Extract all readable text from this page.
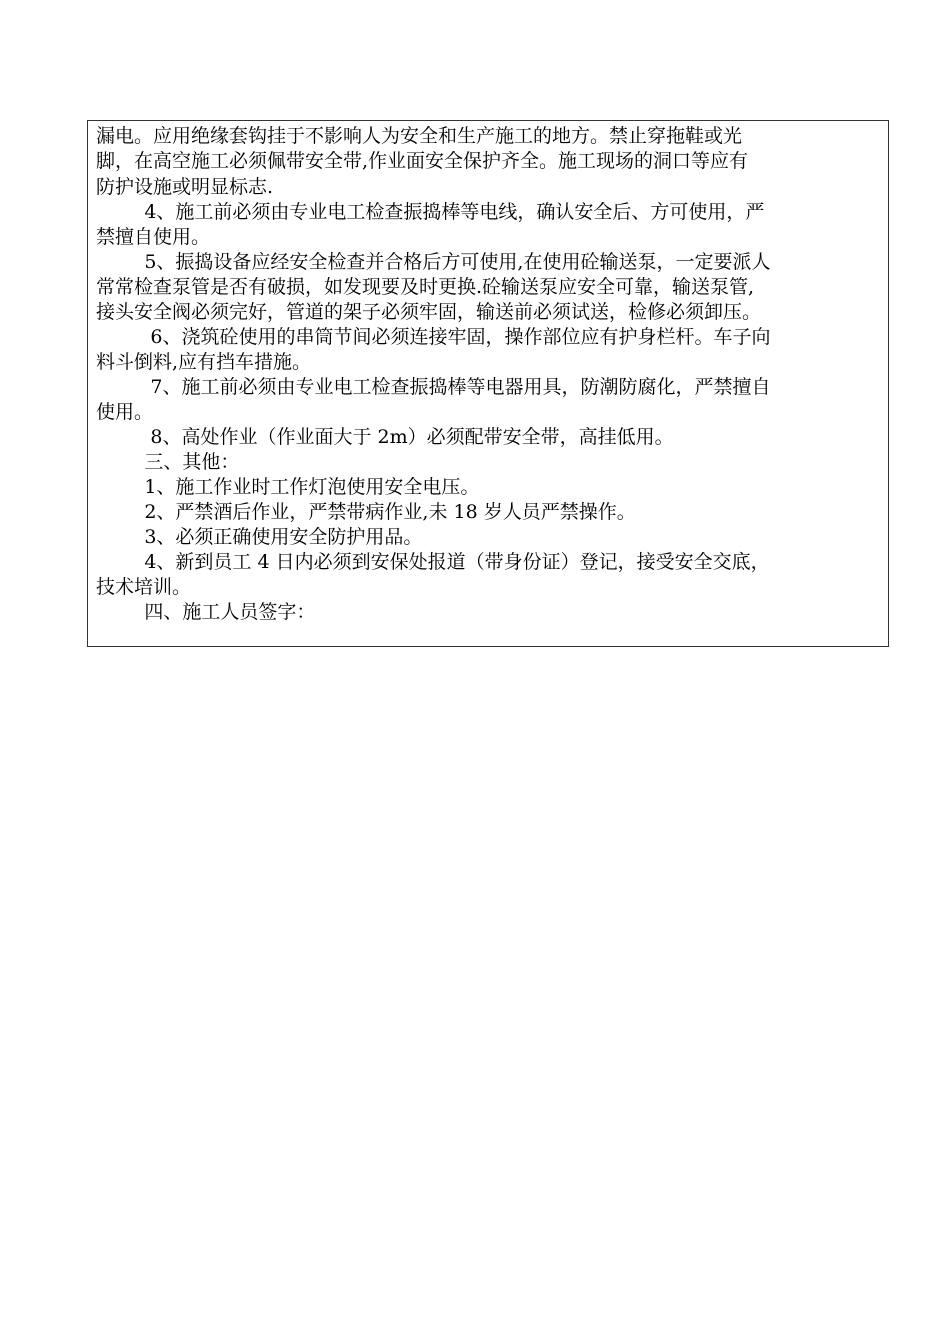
漏电。应用绝缘套钩挂于不影响人为安全和生产施工的地方。禁止穿拖鞋或光
脚，在高空施工必须佩带安全带,作业面安全保护齐全。施工现场的洞口等应有
防护设施或明显标志.
4、施工前必须由专业电工检查振捣棒等电线，确认安全后、方可使用，严
禁擅自使用。
5、振捣设备应经安全检查并合格后方可使用,在使用砼输送泵，一定要派人
常常检查泵管是否有破损，如发现要及时更换.砼输送泵应安全可靠，输送泵管,
接头安全阀必须完好，管道的架子必须牢固，输送前必须试送，检修必须卸压。
6、浇筑砼使用的串筒节间必须连接牢固，操作部位应有护身栏杆。车子向
料斗倒料,应有挡车措施。
7、施工前必须由专业电工检查振捣棒等电器用具，防潮防腐化，严禁擅自
使用。
8、高处作业（作业面大于 2m）必须配带安全带，高挂低用。
三、其他：
1、施工作业时工作灯泡使用安全电压。
2、严禁酒后作业，严禁带病作业,未 18 岁人员严禁操作。
3、必须正确使用安全防护用品。
4、新到员工 4 日内必须到安保处报道（带身份证）登记，接受安全交底，
技术培训。
四、施工人员签字：
